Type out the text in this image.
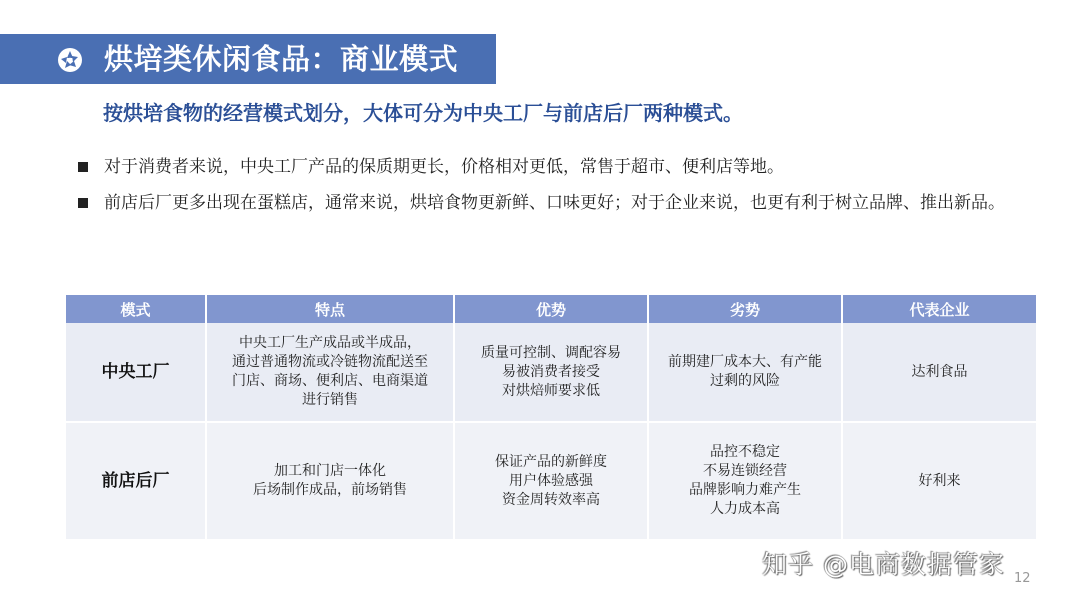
烘培类休闲食品：商业模式
按烘培食物的经营模式划分，大体可分为中央工厂与前店后厂两种模式。
对于消费者来说，中央工厂产品的保质期更长，价格相对更低，常售于超市、便利店等地。
前店后厂更多出现在蛋糕店，通常来说，烘培食物更新鲜、口味更好；对于企业来说，也更有利于树立品牌、推出新品。
模式	特点	优势	劣势	代表企业
中央工厂	中央工厂生产成品或半成品，
通过普通物流或冷链物流配送至
门店、商场、便利店、电商渠道
进行销售	质量可控制、调配容易
易被消费者接受
对烘焙师要求低	前期建厂成本大、有产能
过剩的风险	达利食品
前店后厂	加工和门店一体化
后场制作成品，前场销售	保证产品的新鲜度
用户体验感强
资金周转效率高	品控不稳定
不易连锁经营
品牌影响力难产生
人力成本高	好利来
知乎 @电商数据管家 12
